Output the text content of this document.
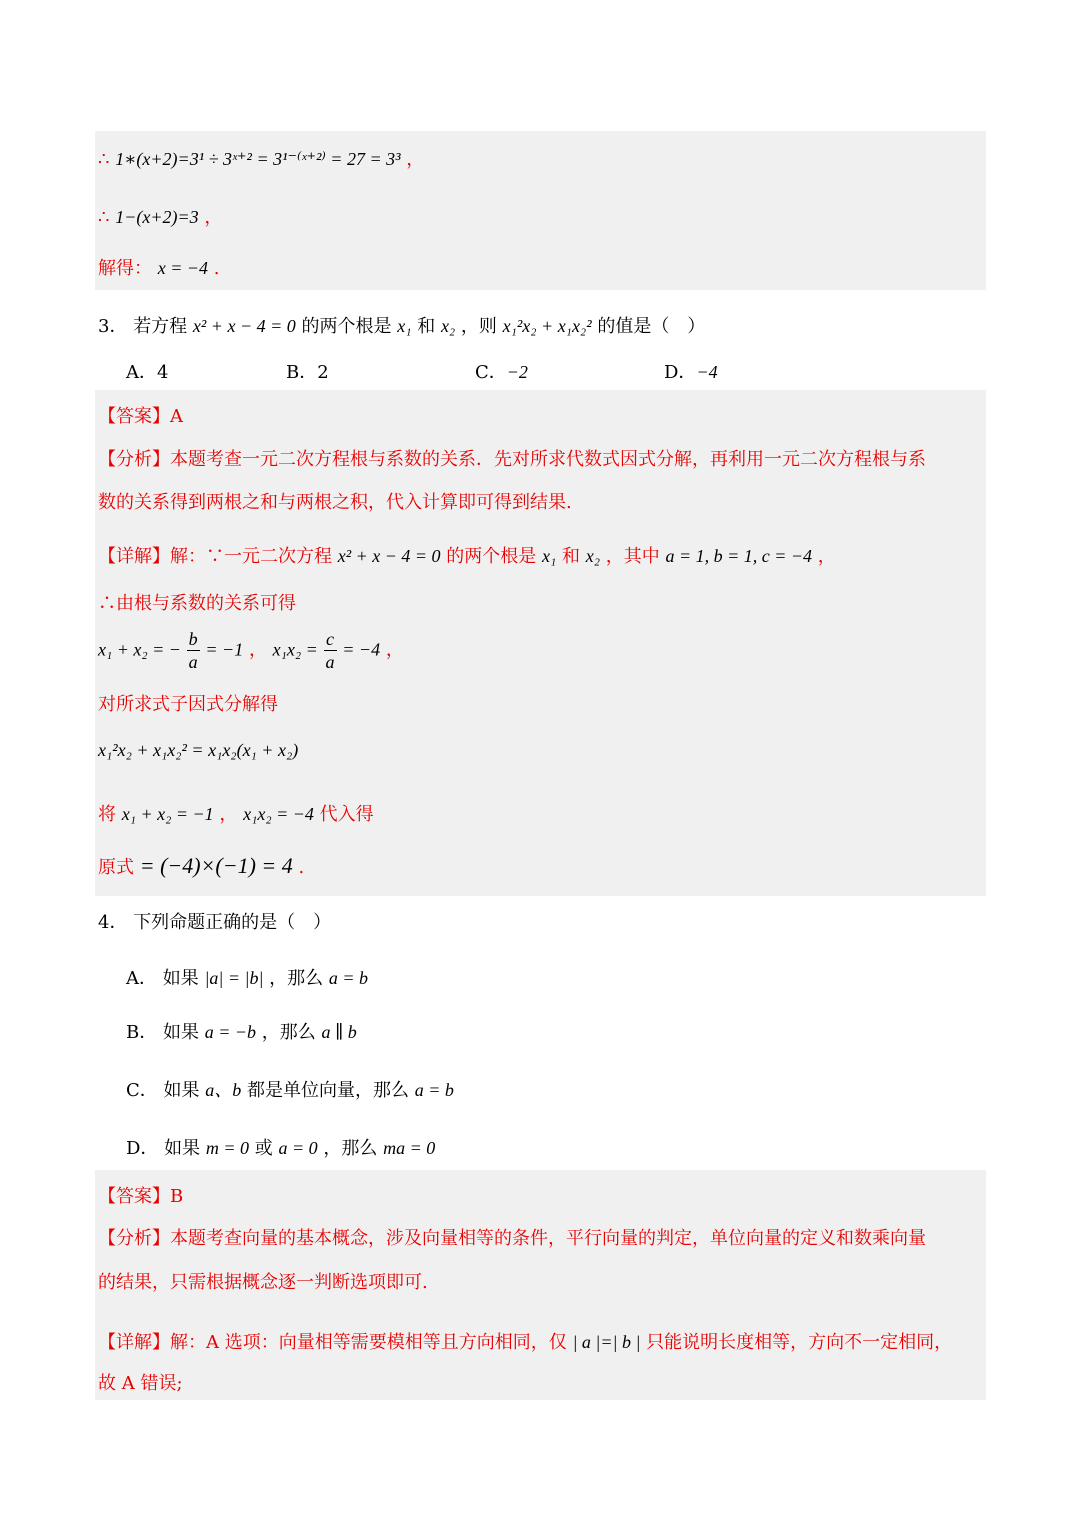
∴ 1∗(x+2)=3¹ ÷ 3ˣ⁺² = 3¹⁻⁽ˣ⁺²⁾ = 27 = 3³ ，
∴ 1−(x+2)=3 ，
解得： x = −4 .
3． 若方程 x² + x − 4 = 0 的两个根是 x₁ 和 x₂ ，则 x₁²x₂ + x₁x₂² 的值是（　）
A．4	B．2	C．−2	D．−4
【答案】A
【分析】本题考查一元二次方程根与系数的关系．先对所求代数式因式分解，再利用一元二次方程根与系
数的关系得到两根之和与两根之积，代入计算即可得到结果.
【详解】解：∵一元二次方程 x² + x − 4 = 0 的两个根是 x₁ 和 x₂ ，其中 a = 1, b = 1, c = −4 ，
∴由根与系数的关系可得
x₁ + x₂ = − $\frac{b}{a} = -1$ ， $x_1x_2 = \frac{c}{a} = -4$ ，
对所求式子因式分解得
x₁²x₂ + x₁x₂² = x₁x₂(x₁ + x₂)
将 x₁ + x₂ = −1 ， x₁x₂ = −4 代入得
原式 = (−4)×(−1) = 4 .
4． 下列命题正确的是（　）
A． 如果 |a| = |b| ，那么 a = b
B． 如果 a = −b ，那么 a ∥ b
C． 如果 a、b 都是单位向量，那么 a = b
D． 如果 m = 0 或 a = 0 ，那么 ma = 0
【答案】B
【分析】本题考查向量的基本概念，涉及向量相等的条件，平行向量的判定，单位向量的定义和数乘向量
的结果，只需根据概念逐一判断选项即可.
【详解】解：A 选项：向量相等需要模相等且方向相同，仅 | a |=| b | 只能说明长度相等，方向不一定相同，
故 A 错误;
